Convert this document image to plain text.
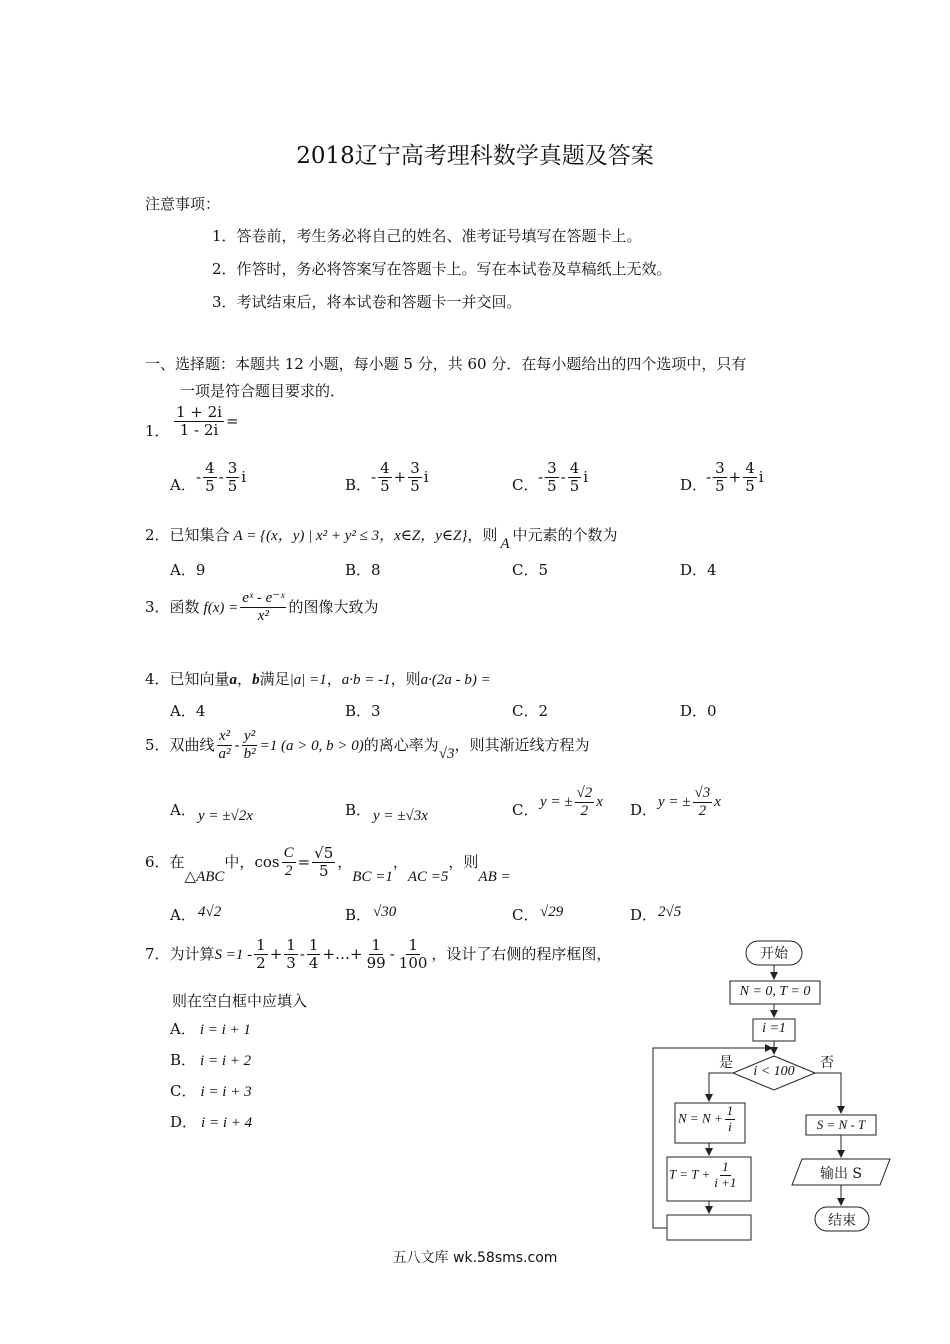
2018辽宁高考理科数学真题及答案
注意事项：
1．答卷前，考生务必将自己的姓名、准考证号填写在答题卡上。
2．作答时，务必将答案写在答题卡上。写在本试卷及草稿纸上无效。
3．考试结束后，将本试卷和答题卡一并交回。
一、选择题：本题共 12 小题，每小题 5 分，共 60 分．在每小题给出的四个选项中，只有
一项是符合题目要求的．
1． $\frac{1 + 2i}{1 - 2i}$ =
A． - $\frac{4}{5} - \frac{3}{5}$ i	B． - $\frac{4}{5} + \frac{3}{5}$ i	C． - $\frac{3}{5} - \frac{4}{5}$ i	D．
- $\frac{3}{5} + \frac{4}{5}$ i
2．已知集合 A = {(x，y) | x² + y² ≤ 3，x∈Z，y∈Z}，则 A 中元素的个数为
A．9	B．8	C．5	D．4
3．函数 $f(x) = \frac{\text{eˣ - e⁻ˣ}}{\text{x²}}$ 的图像大致为
4．已知向量a，b满足|a| =1，a·b = -1，则a·(2a - b) =
A．4	B．3	C．2	D．0
5．双曲线 $\frac{\text{x²}}{\text{a²}} - \frac{\text{y²}}{\text{b²}} =1$ (a > 0, b > 0)的离心率为√3，则其渐近线方程为
A． y = ±√2x	B． y = ±√3x	C． y = ± $\frac{√2}{2}$ x D． y = ± $\frac{√3}{2}$ x
6．在△ABC中，$\cos \frac{C}{2} = \frac{√5}{5}$ ，BC =1，AC =5，则AB =
A． 4√2	B． √30	C． √29	D． 2√5
7．为计算$S =1 - \frac{1}{2} + \frac{1}{3} - \frac{1}{4}$ +…+ $\frac{1}{99} - \frac{1}{100}$ ，设计了右侧的程序框图，
则在空白框中应填入
A． i = i + 1
B． i = i + 2
C． i = i + 3
D． i = i + 4
开始
N = 0, T = 0
i =1
i < 100
是	否
$N = N + \frac{1}{i}$
$T = T + \frac{1}{i +1}$
S = N - T
输出 S
结束
五八文库 wk.58sms.com
